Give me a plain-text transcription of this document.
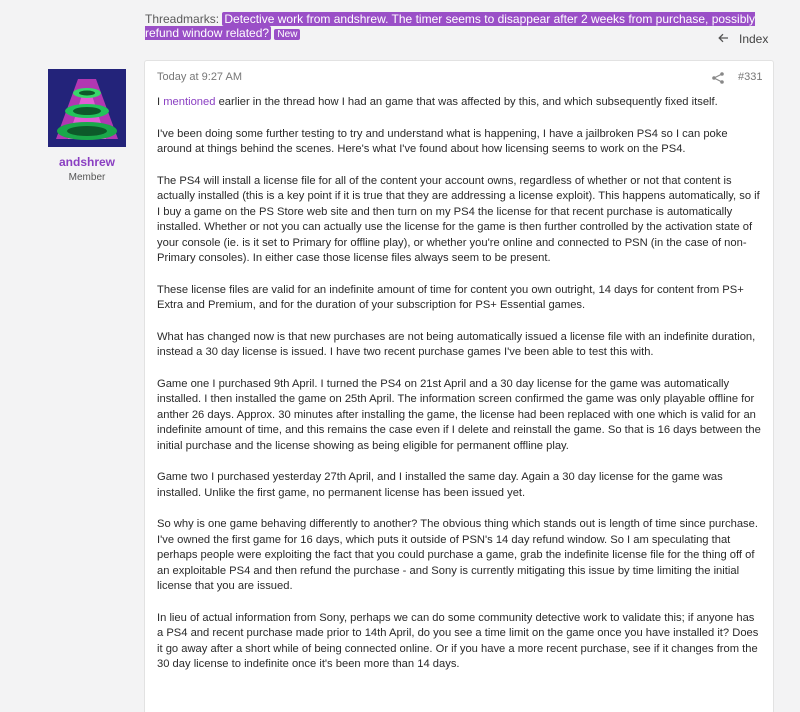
Threadmarks: Detective work from andshrew. The timer seems to disappear after 2 weeks from purchase, possibly refund window related? New	Index
andshrew
Member
Today at 9:27 AM	#331

I mentioned earlier in the thread how I had an game that was affected by this, and which subsequently fixed itself.

I've been doing some further testing to try and understand what is happening, I have a jailbroken PS4 so I can poke around at things behind the scenes. Here's what I've found about how licensing seems to work on the PS4.

The PS4 will install a license file for all of the content your account owns, regardless of whether or not that content is actually installed (this is a key point if it is true that they are addressing a license exploit). This happens automatically, so if I buy a game on the PS Store web site and then turn on my PS4 the license for that recent purchase is automatically installed. Whether or not you can actually use the license for the game is then further controlled by the activation state of your console (ie. is it set to Primary for offline play), or whether you're online and connected to PSN (in the case of non-Primary consoles). In either case those license files always seem to be present.

These license files are valid for an indefinite amount of time for content you own outright, 14 days for content from PS+ Extra and Premium, and for the duration of your subscription for PS+ Essential games.

What has changed now is that new purchases are not being automatically issued a license file with an indefinite duration, instead a 30 day license is issued. I have two recent purchase games I've been able to test this with.

Game one I purchased 9th April. I turned the PS4 on 21st April and a 30 day license for the game was automatically installed. I then installed the game on 25th April. The information screen confirmed the game was only playable offline for anther 26 days. Approx. 30 minutes after installing the game, the license had been replaced with one which is valid for an indefinite amount of time, and this remains the case even if I delete and reinstall the game. So that is 16 days between the initial purchase and the license showing as being eligible for permanent offline play.

Game two I purchased yesterday 27th April, and I installed the same day. Again a 30 day license for the game was installed. Unlike the first game, no permanent license has been issued yet.

So why is one game behaving differently to another? The obvious thing which stands out is length of time since purchase. I've owned the first game for 16 days, which puts it outside of PSN's 14 day refund window. So I am speculating that perhaps people were exploiting the fact that you could purchase a game, grab the indefinite license file for the thing off of an exploitable PS4 and then refund the purchase - and Sony is currently mitigating this issue by time limiting the initial license that you are issued.

In lieu of actual information from Sony, perhaps we can do some community detective work to validate this; if anyone has a PS4 and recent purchase made prior to 14th April, do you see a time limit on the game once you have installed it? Does it go away after a short while of being connected online. Or if you have a more recent purchase, see if it changes from the 30 day license to indefinite once it's been more than 14 days.
